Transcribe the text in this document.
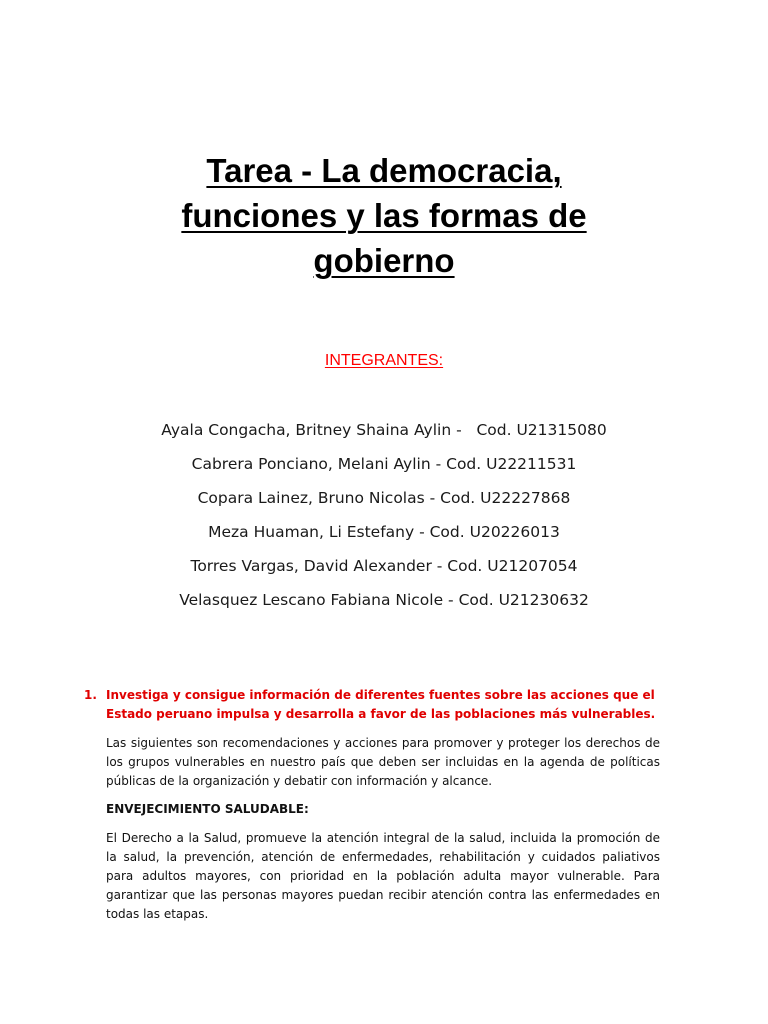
Tarea - La democracia,
funciones y las formas de
gobierno
INTEGRANTES:
Ayala Congacha, Britney Shaina Aylin -   Cod. U21315080
Cabrera Ponciano, Melani Aylin - Cod. U22211531
Copara Lainez, Bruno Nicolas - Cod. U22227868
Meza Huaman, Li Estefany - Cod. U20226013
Torres Vargas, David Alexander - Cod. U21207054
Velasquez Lescano Fabiana Nicole - Cod. U21230632
1. Investiga y consigue información de diferentes fuentes sobre las acciones que el Estado peruano impulsa y desarrolla a favor de las poblaciones más vulnerables.

Las siguientes son recomendaciones y acciones para promover y proteger los derechos de los grupos vulnerables en nuestro país que deben ser incluidas en la agenda de políticas públicas de la organización y debatir con información y alcance.

ENVEJECIMIENTO SALUDABLE:

El Derecho a la Salud, promueve la atención integral de la salud, incluida la promoción de la salud, la prevención, atención de enfermedades, rehabilitación y cuidados paliativos para adultos mayores, con prioridad en la población adulta mayor vulnerable. Para garantizar que las personas mayores puedan recibir atención contra las enfermedades en todas las etapas.
